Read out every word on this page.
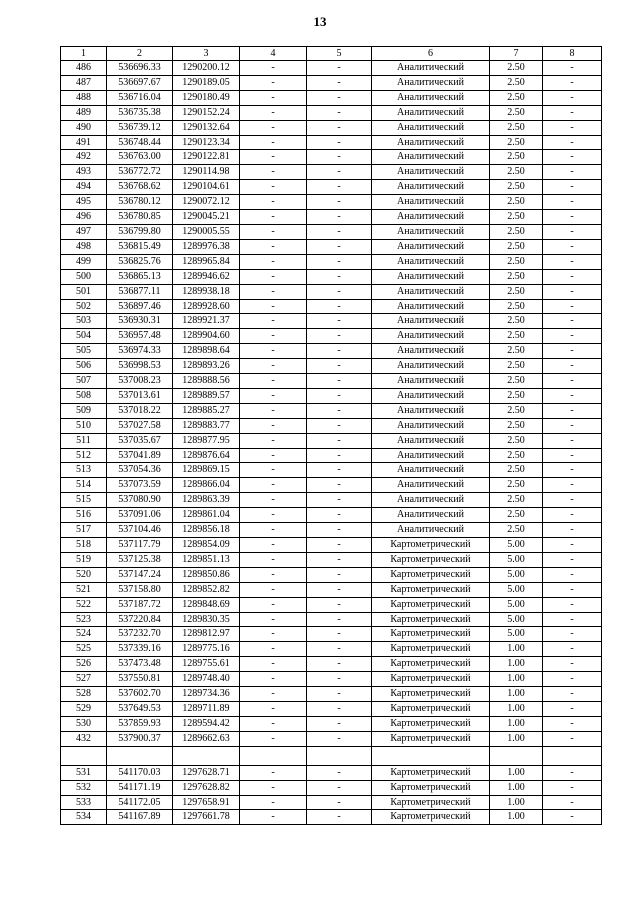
13
1	2	3	4	5	6	7	8
486	536696.33	1290200.12	-	-	Аналитический	2.50	-
487	536697.67	1290189.05	-	-	Аналитический	2.50	-
488	536716.04	1290180.49	-	-	Аналитический	2.50	-
489	536735.38	1290152.24	-	-	Аналитический	2.50	-
490	536739.12	1290132.64	-	-	Аналитический	2.50	-
491	536748.44	1290123.34	-	-	Аналитический	2.50	-
492	536763.00	1290122.81	-	-	Аналитический	2.50	-
493	536772.72	1290114.98	-	-	Аналитический	2.50	-
494	536768.62	1290104.61	-	-	Аналитический	2.50	-
495	536780.12	1290072.12	-	-	Аналитический	2.50	-
496	536780.85	1290045.21	-	-	Аналитический	2.50	-
497	536799.80	1290005.55	-	-	Аналитический	2.50	-
498	536815.49	1289976.38	-	-	Аналитический	2.50	-
499	536825.76	1289965.84	-	-	Аналитический	2.50	-
500	536865.13	1289946.62	-	-	Аналитический	2.50	-
501	536877.11	1289938.18	-	-	Аналитический	2.50	-
502	536897.46	1289928.60	-	-	Аналитический	2.50	-
503	536930.31	1289921.37	-	-	Аналитический	2.50	-
504	536957.48	1289904.60	-	-	Аналитический	2.50	-
505	536974.33	1289898.64	-	-	Аналитический	2.50	-
506	536998.53	1289893.26	-	-	Аналитический	2.50	-
507	537008.23	1289888.56	-	-	Аналитический	2.50	-
508	537013.61	1289889.57	-	-	Аналитический	2.50	-
509	537018.22	1289885.27	-	-	Аналитический	2.50	-
510	537027.58	1289883.77	-	-	Аналитический	2.50	-
511	537035.67	1289877.95	-	-	Аналитический	2.50	-
512	537041.89	1289876.64	-	-	Аналитический	2.50	-
513	537054.36	1289869.15	-	-	Аналитический	2.50	-
514	537073.59	1289866.04	-	-	Аналитический	2.50	-
515	537080.90	1289863.39	-	-	Аналитический	2.50	-
516	537091.06	1289861.04	-	-	Аналитический	2.50	-
517	537104.46	1289856.18	-	-	Аналитический	2.50	-
518	537117.79	1289854.09	-	-	Картометрический	5.00	-
519	537125.38	1289851.13	-	-	Картометрический	5.00	-
520	537147.24	1289850.86	-	-	Картометрический	5.00	-
521	537158.80	1289852.82	-	-	Картометрический	5.00	-
522	537187.72	1289848.69	-	-	Картометрический	5.00	-
523	537220.84	1289830.35	-	-	Картометрический	5.00	-
524	537232.70	1289812.97	-	-	Картометрический	5.00	-
525	537339.16	1289775.16	-	-	Картометрический	1.00	-
526	537473.48	1289755.61	-	-	Картометрический	1.00	-
527	537550.81	1289748.40	-	-	Картометрический	1.00	-
528	537602.70	1289734.36	-	-	Картометрический	1.00	-
529	537649.53	1289711.89	-	-	Картометрический	1.00	-
530	537859.93	1289594.42	-	-	Картометрический	1.00	-
432	537900.37	1289662.63	-	-	Картометрический	1.00	-

531	541170.03	1297628.71	-	-	Картометрический	1.00	-
532	541171.19	1297628.82	-	-	Картометрический	1.00	-
533	541172.05	1297658.91	-	-	Картометрический	1.00	-
534	541167.89	1297661.78	-	-	Картометрический	1.00	-
